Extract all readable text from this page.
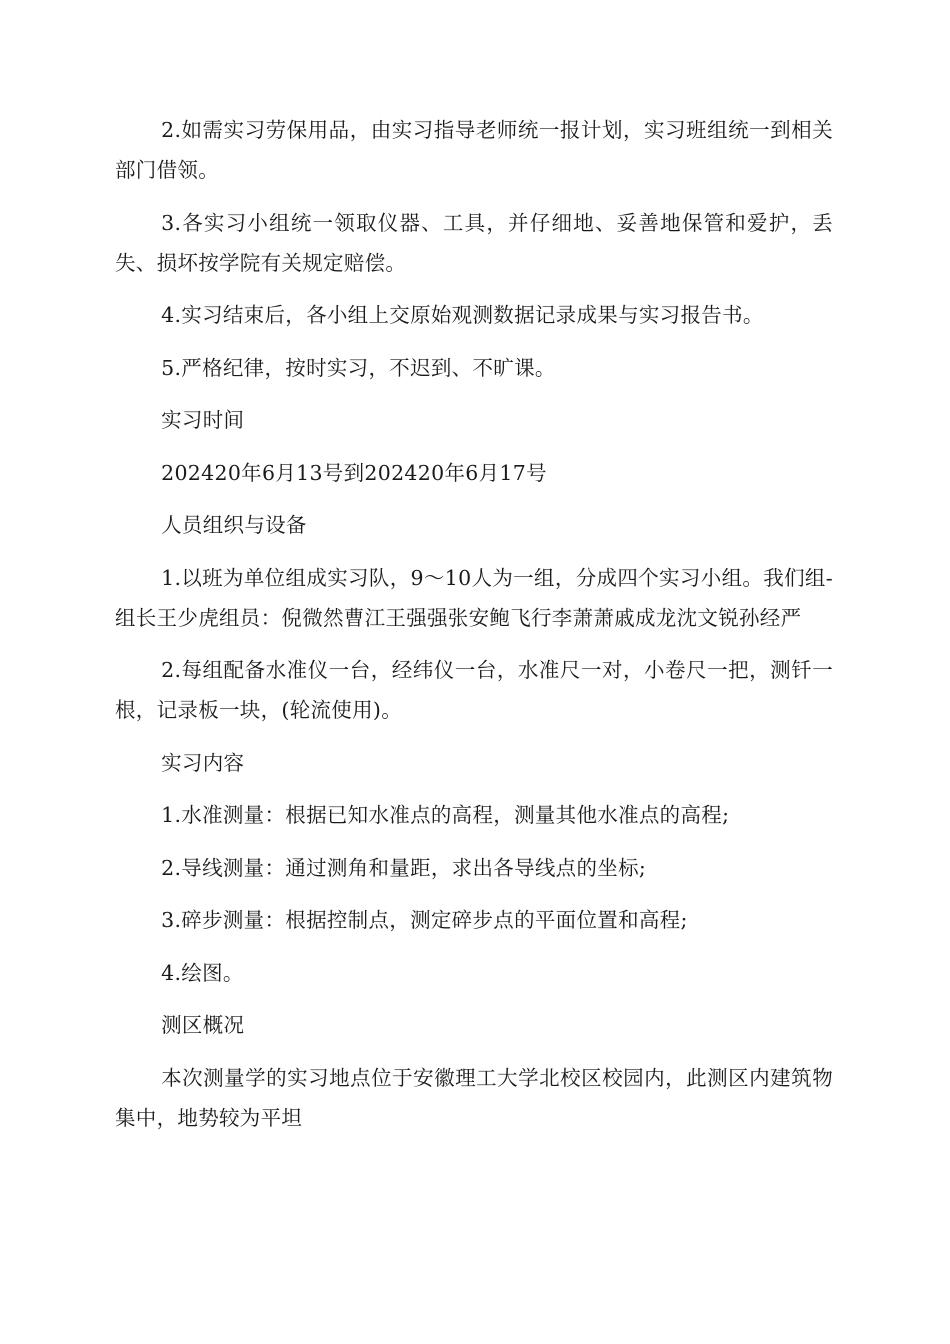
2.如需实习劳保用品，由实习指导老师统一报计划，实习班组统一到相关部门借领。

3.各实习小组统一领取仪器、工具，并仔细地、妥善地保管和爱护，丢失、损坏按学院有关规定赔偿。

4.实习结束后，各小组上交原始观测数据记录成果与实习报告书。

5.严格纪律，按时实习，不迟到、不旷课。

实习时间

202420年6月13号到202420年6月17号

人员组织与设备

1.以班为单位组成实习队，9～10人为一组，分成四个实习小组。我们组-组长王少虎组员：倪微然曹江王强强张安鲍飞行李萧萧戚成龙沈文锐孙经严

2.每组配备水准仪一台，经纬仪一台，水准尺一对，小卷尺一把，测钎一根，记录板一块，(轮流使用)。

实习内容

1.水准测量：根据已知水准点的高程，测量其他水准点的高程;

2.导线测量：通过测角和量距，求出各导线点的坐标;

3.碎步测量：根据控制点，测定碎步点的平面位置和高程;

4.绘图。

测区概况

本次测量学的实习地点位于安徽理工大学北校区校园内，此测区内建筑物集中，地势较为平坦
